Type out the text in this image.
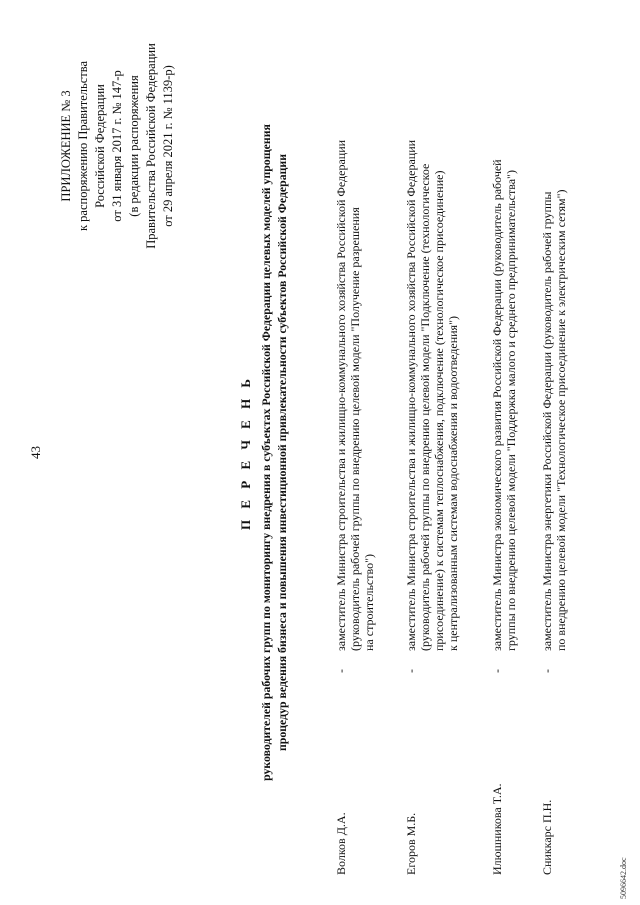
43
ПРИЛОЖЕНИЕ № 3 к распоряжению Правительства Российской Федерации от 31 января 2017 г. № 147-р (в редакции распоряжения Правительства Российской Федерации от 29 апреля 2021 г. № 1139-р)
П Е Р Е Ч Е Н Ь руководителей рабочих групп по мониторингу внедрения в субъектах Российской Федерации целевых моделей упрощения процедур ведения бизнеса и повышения инвестиционной привлекательности субъектов Российской Федерации
Волков Д.А.
-
заместитель Министра строительства и жилищно-коммунального хозяйства Российской Федерации (руководитель рабочей группы по внедрению целевой модели "Получение разрешения на строительство")
Егоров М.Б.
-
заместитель Министра строительства и жилищно-коммунального хозяйства Российской Федерации (руководитель рабочей группы по внедрению целевой модели "Подключение (технологическое присоединение) к системам теплоснабжения, подключение (технологическое присоединение) к централизованным системам водоснабжения и водоотведения")
Илюшникова Т.А.
-
заместитель Министра экономического развития Российской Федерации (руководитель рабочей группы по внедрению целевой модели "Поддержка малого и среднего предпринимательства")
Сниккарс П.Н.
-
заместитель Министра энергетики Российской Федерации (руководитель рабочей группы по внедрению целевой модели "Технологическое присоединение к электрическим сетям")
5096642.doc
